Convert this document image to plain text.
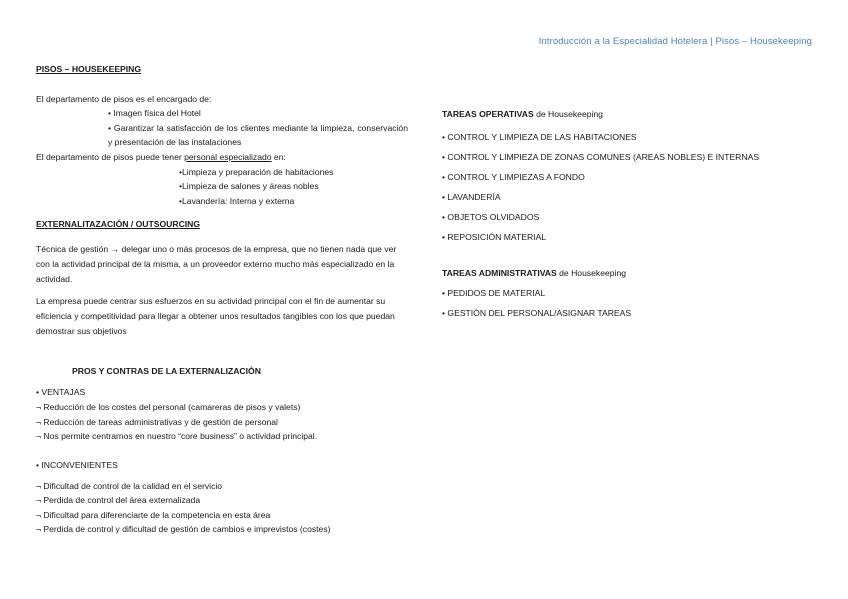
Introducción a la Especialidad Hotelera | Pisos – Housekeeping
PISOS – HOUSEKEEPING
El departamento de pisos es el encargado de:
• Imagen física del Hotel
• Garantizar la satisfacción de los clientes mediante la limpieza, conservación y presentación de las instalaciones
El departamento de pisos puede tener personal especializado en:
•Limpieza y preparación de habitaciones
•Limpieza de salones y áreas nobles
•Lavandería: Interna y externa
EXTERNALITAZACIÓN / OUTSOURCING

Técnica de gestión → delegar uno o más procesos de la empresa, que no tienen nada que ver con la actividad principal de la misma, a un proveedor externo mucho más especializado en la actividad.

La empresa puede centrar sus esfuerzos en su actividad principal con el fin de aumentar su eficiencia y competitividad para llegar a obtener unos resultados tangibles con los que puedan demostrar sus objetivos

PROS Y CONTRAS DE LA EXTERNALIZACIÓN
• VENTAJAS
¬ Reducción de los costes del personal (camareras de pisos y valets)
¬ Reducción de tareas administrativas y de gestión de personal
¬ Nos permite centrarnos en nuestro “core business” o actividad principal.
• INCONVENIENTES
¬ Dificultad de control de la calidad en el servicio
¬ Perdida de control del área externalizada
¬ Dificultad para diferenciarte de la competencia en esta área
¬ Perdida de control y dificultad de gestión de cambios e imprevistos (costes)
TAREAS OPERATIVAS de Housekeeping
• CONTROL Y LIMPIEZA DE LAS HABITACIONES
• CONTROL Y LIMPIEZA DE ZONAS COMUNES (AREAS NOBLES) E INTERNAS
• CONTROL Y LIMPIEZAS A FONDO
• LAVANDERÍA
• OBJETOS OLVIDADOS
• REPOSICIÓN MATERIAL
TAREAS ADMINISTRATIVAS de Housekeeping
• PEDIDOS DE MATERIAL
• GESTIÓN DEL PERSONAL/ASIGNAR TAREAS
